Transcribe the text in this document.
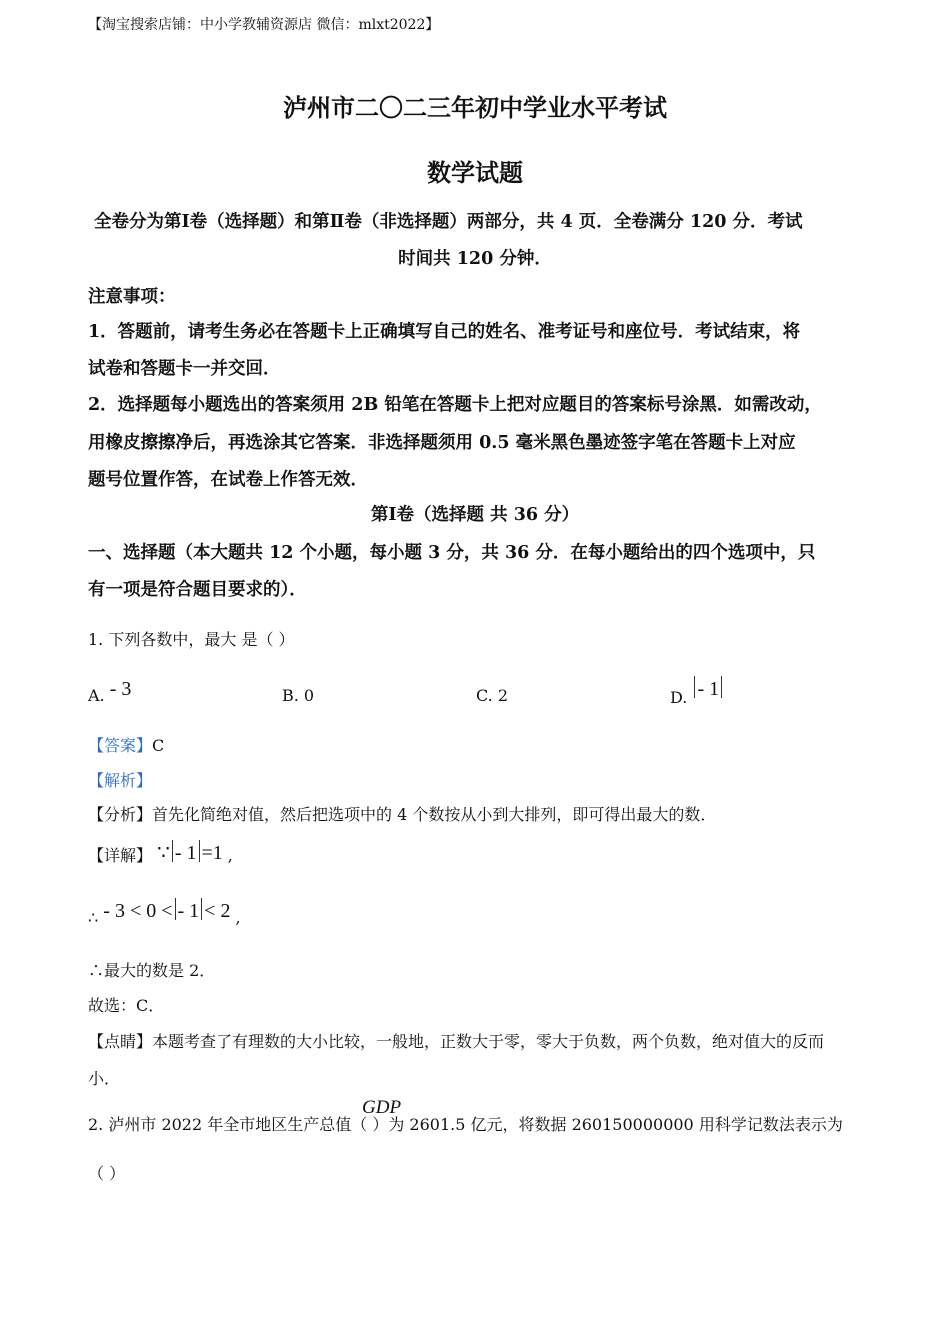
【淘宝搜索店铺：中小学教辅资源店 微信：mlxt2022】
泸州市二〇二三年初中学业水平考试
数学试题
全卷分为第Ⅰ卷（选择题）和第Ⅱ卷（非选择题）两部分，共 4 页．全卷满分 120 分．考试
时间共 120 分钟．
注意事项：
1．答题前，请考生务必在答题卡上正确填写自己的姓名、准考证号和座位号．考试结束，将
试卷和答题卡一并交回．
2．选择题每小题选出的答案须用 2B 铅笔在答题卡上把对应题目的答案标号涂黑．如需改动，
用橡皮擦擦净后，再选涂其它答案．非选择题须用 0.5 毫米黑色墨迹签字笔在答题卡上对应
题号位置作答，在试卷上作答无效．
第Ⅰ卷（选择题 共 36 分）
一、选择题（本大题共 12 个小题，每小题 3 分，共 36 分．在每小题给出的四个选项中，只
有一项是符合题目要求的）．
1. 下列各数中，最大 是（ ）
A. - 3	B. 0	C. 2	D. - 1
【答案】C
【解析】
【分析】首先化简绝对值，然后把选项中的 4 个数按从小到大排列，即可得出最大的数．
【详解】 ∵ - 1 =1 ,
∴ - 3 < 0 < - 1 < 2 ,
∴最大的数是 2．
故选：C．
【点睛】本题考查了有理数的大小比较，一般地，正数大于零，零大于负数，两个负数，绝对值大的反而
小．
GDP
2. 泸州市 2022 年全市地区生产总值（ ）为 2601.5 亿元，将数据 260150000000 用科学记数法表示为
（ ）
